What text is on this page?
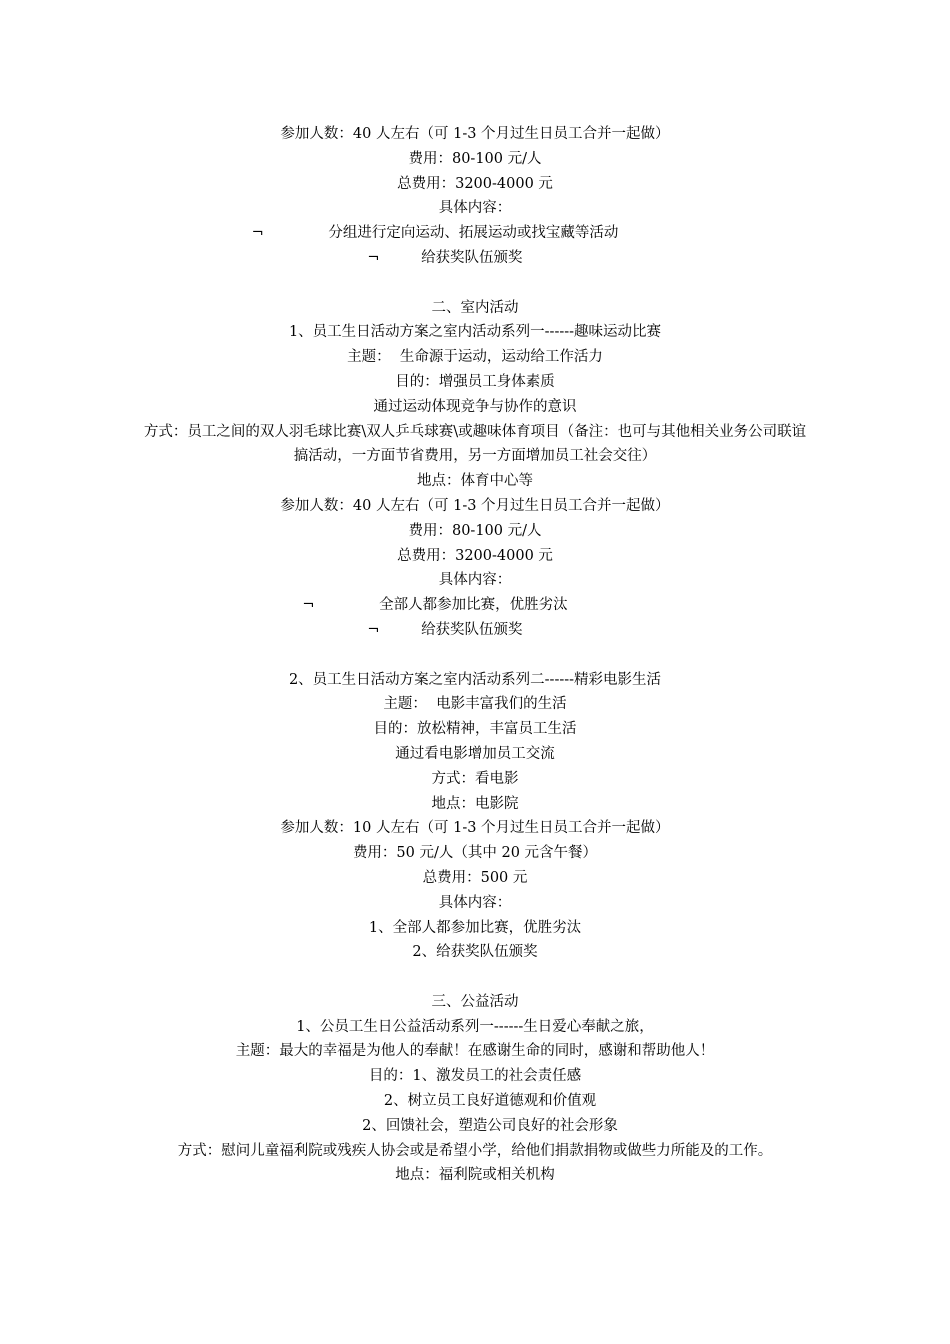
参加人数：40 人左右（可 1-3 个月过生日员工合并一起做）
费用：80-100 元/人
总费用：3200-4000 元
具体内容：
¬	分组进行定向运动、拓展运动或找宝藏等活动
¬	给获奖队伍颁奖
二、室内活动
1、员工生日活动方案之室内活动系列一------趣味运动比赛
主题：  生命源于运动，运动给工作活力
目的：增强员工身体素质
通过运动体现竞争与协作的意识
方式：员工之间的双人羽毛球比赛\双人乒乓球赛\或趣味体育项目（备注：也可与其他相关业务公司联谊搞活动，一方面节省费用，另一方面增加员工社会交往）
地点：体育中心等
参加人数：40 人左右（可 1-3 个月过生日员工合并一起做）
费用：80-100 元/人
总费用：3200-4000 元
具体内容：
¬	全部人都参加比赛，优胜劣汰
¬	给获奖队伍颁奖
2、员工生日活动方案之室内活动系列二------精彩电影生活
主题：  电影丰富我们的生活
目的：放松精神，丰富员工生活
通过看电影增加员工交流
方式：看电影
地点：电影院
参加人数：10 人左右（可 1-3 个月过生日员工合并一起做）
费用：50 元/人（其中 20 元含午餐）
总费用：500 元
具体内容：
1、全部人都参加比赛，优胜劣汰
2、给获奖队伍颁奖
三、公益活动
1、公员工生日公益活动系列一------生日爱心奉献之旅，
主题：最大的幸福是为他人的奉献！在感谢生命的同时，感谢和帮助他人！
目的：1、激发员工的社会责任感
2、树立员工良好道德观和价值观
2、回馈社会，塑造公司良好的社会形象
方式：慰问儿童福利院或残疾人协会或是希望小学，给他们捐款捐物或做些力所能及的工作。
地点：福利院或相关机构
